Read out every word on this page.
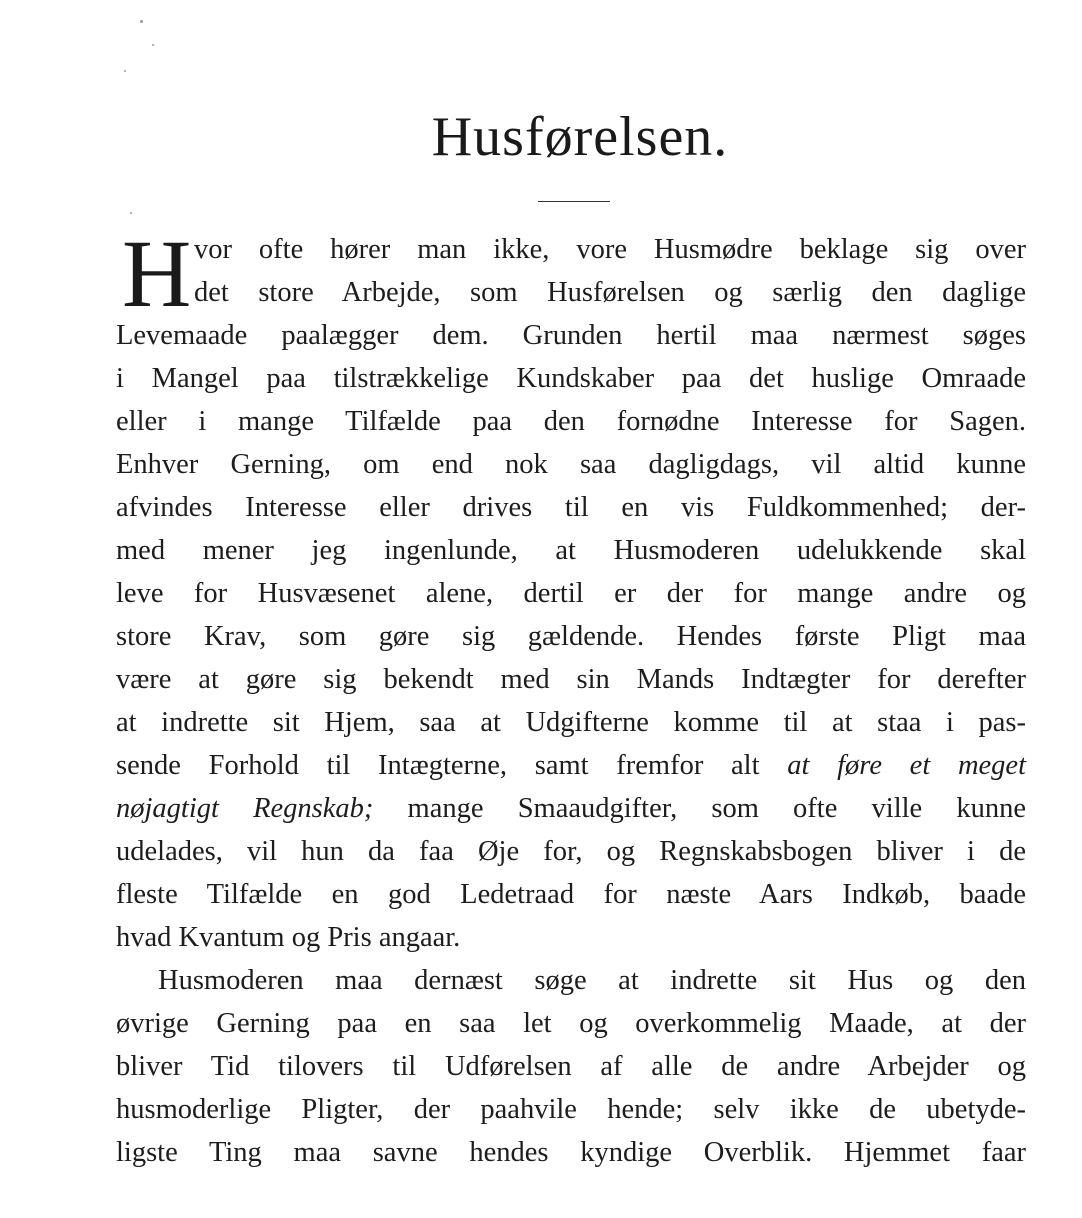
Husførelsen.
H vor ofte hører man ikke, vore Husmødre beklage sig over
det store Arbejde, som Husførelsen og særlig den daglige
Levemaade paalægger dem. Grunden hertil maa nærmest søges
i Mangel paa tilstrækkelige Kundskaber paa det huslige Omraade
eller i mange Tilfælde paa den fornødne Interesse for Sagen.
Enhver Gerning, om end nok saa dagligdags, vil altid kunne
afvindes Interesse eller drives til en vis Fuldkommenhed; der-
med mener jeg ingenlunde, at Husmoderen udelukkende skal
leve for Husvæsenet alene, dertil er der for mange andre og
store Krav, som gøre sig gældende. Hendes første Pligt maa
være at gøre sig bekendt med sin Mands Indtægter for derefter
at indrette sit Hjem, saa at Udgifterne komme til at staa i pas-
sende Forhold til Intægterne, samt fremfor alt at føre et meget
nøjagtigt Regnskab; mange Smaaudgifter, som ofte ville kunne
udelades, vil hun da faa Øje for, og Regnskabsbogen bliver i de
fleste Tilfælde en god Ledetraad for næste Aars Indkøb, baade
hvad Kvantum og Pris angaar.
Husmoderen maa dernæst søge at indrette sit Hus og den
øvrige Gerning paa en saa let og overkommelig Maade, at der
bliver Tid tilovers til Udførelsen af alle de andre Arbejder og
husmoderlige Pligter, der paahvile hende; selv ikke de ubetyde-
ligste Ting maa savne hendes kyndige Overblik. Hjemmet faar
